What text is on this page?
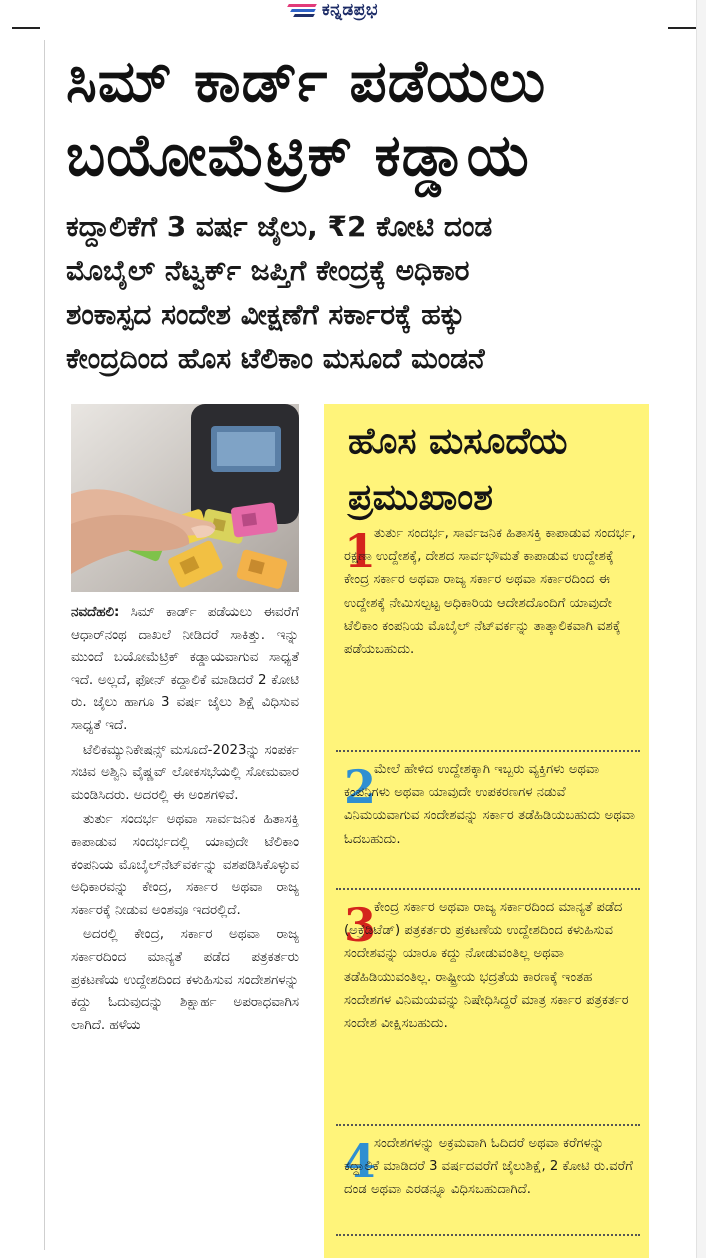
ಕನ್ನಡಪ್ರಭ
ಸಿಮ್ ಕಾರ್ಡ್ ಪಡೆಯಲು
ಬಯೋಮೆಟ್ರಿಕ್ ಕಡ್ಡಾಯ
ಕದ್ದಾಲಿಕೆಗೆ 3 ವರ್ಷ ಜೈಲು, ₹2 ಕೋಟಿ ದಂಡ
ಮೊಬೈಲ್ ನೆಟ್ವರ್ಕ್ ಜಪ್ತಿಗೆ ಕೇಂದ್ರಕ್ಕೆ ಅಧಿಕಾರ
ಶಂಕಾಸ್ಪದ ಸಂದೇಶ ವೀಕ್ಷಣೆಗೆ ಸರ್ಕಾರಕ್ಕೆ ಹಕ್ಕು
ಕೇಂದ್ರದಿಂದ ಹೊಸ ಟೆಲಿಕಾಂ ಮಸೂದೆ ಮಂಡನೆ

ನವದೆಹಲಿ: ಸಿಮ್ ಕಾರ್ಡ್ ಪಡೆಯಲು ಈವರೆಗೆ ಆಧಾರ್‌ನಂಥ ದಾಖಲೆ ನೀಡಿದರೆ ಸಾಕಿತ್ತು. ಇನ್ನು ಮುಂದೆ ಬಯೋಮೆಟ್ರಿಕ್ ಕಡ್ಡಾಯವಾಗುವ ಸಾಧ್ಯತೆ ಇದೆ. ಅಲ್ಲದೆ, ಫೋನ್ ಕದ್ದಾಲಿಕೆ ಮಾಡಿದರೆ 2 ಕೋಟಿ ರು. ಜೈಲು ಹಾಗೂ 3 ವರ್ಷ ಜೈಲು ಶಿಕ್ಷೆ ವಿಧಿಸುವ ಸಾಧ್ಯತೆ ಇದೆ.

ಟೆಲಿಕಮ್ಯುನಿಕೇಷನ್ಸ್ ಮಸೂದೆ-2023ನ್ನು ಸಂಪರ್ಕ ಸಚಿವ ಅಶ್ವಿನಿ ವೈಷ್ಣವ್ ಲೋಕಸಭೆಯಲ್ಲಿ ಸೋಮವಾರ ಮಂಡಿಸಿದರು. ಅದರಲ್ಲಿ ಈ ಅಂಶಗಳಿವೆ.

ತುರ್ತು ಸಂದರ್ಭ ಅಥವಾ ಸಾರ್ವಜನಿಕ ಹಿತಾಸಕ್ತಿ ಕಾಪಾಡುವ ಸಂದರ್ಭದಲ್ಲಿ ಯಾವುದೇ ಟೆಲಿಕಾಂ ಕಂಪನಿಯ ಮೊಬೈಲ್‌ನೆಟ್‌ವರ್ಕನ್ನು ವಶಪಡಿಸಿಕೊಳ್ಳುವ ಅಧಿಕಾರವನ್ನು ಕೇಂದ್ರ, ಸರ್ಕಾರ ಅಥವಾ ರಾಜ್ಯ ಸರ್ಕಾರಕ್ಕೆ ನೀಡುವ ಅಂಶವೂ ಇದರಲ್ಲಿದೆ.

ಅದರಲ್ಲಿ ಕೇಂದ್ರ, ಸರ್ಕಾರ ಅಥವಾ ರಾಜ್ಯ ಸರ್ಕಾರದಿಂದ ಮಾನ್ಯತೆ ಪಡೆದ ಪತ್ರಕರ್ತರು ಪ್ರಕಟಣೆಯ ಉದ್ದೇಶದಿಂದ ಕಳುಹಿಸುವ ಸಂದೇಶಗಳನ್ನು ಕದ್ದು ಓದುವುದನ್ನು ಶಿಕ್ಷಾರ್ಹ ಅಪರಾಧವಾಗಿಸ ಲಾಗಿದೆ. ಹಳೆಯ

ಹೊಸ ಮಸೂದೆಯ
ಪ್ರಮುಖಾಂಶ
1
ತುರ್ತು ಸಂದರ್ಭ, ಸಾರ್ವಜನಿಕ ಹಿತಾಸಕ್ತಿ ಕಾಪಾಡುವ ಸಂದರ್ಭ, ರಕ್ಷಣಾ ಉದ್ದೇಶಕ್ಕೆ, ದೇಶದ ಸಾರ್ವಭೌಮತೆ ಕಾಪಾಡುವ ಉದ್ದೇಶಕ್ಕೆ ಕೇಂದ್ರ ಸರ್ಕಾರ ಅಥವಾ ರಾಜ್ಯ ಸರ್ಕಾರ ಅಥವಾ ಸರ್ಕಾರದಿಂದ ಈ ಉದ್ದೇಶಕ್ಕೆ ನೇಮಿಸಲ್ಪಟ್ಟ ಅಧಿಕಾರಿಯ ಆದೇಶದೊಂದಿಗೆ ಯಾವುದೇ ಟೆಲಿಕಾಂ ಕಂಪನಿಯ ಮೊಬೈಲ್ ನೆಟ್‌ವರ್ಕನ್ನು ತಾತ್ಕಾಲಿಕವಾಗಿ ವಶಕ್ಕೆ ಪಡೆಯಬಹುದು.
2
ಮೇಲೆ ಹೇಳಿದ ಉದ್ದೇಶಕ್ಕಾಗಿ ಇಬ್ಬರು ವ್ಯಕ್ತಿಗಳು ಅಥವಾ ಕಂಪನಿಗಳು ಅಥವಾ ಯಾವುದೇ ಉಪಕರಣಗಳ ನಡುವೆ ವಿನಿಮಯವಾಗುವ ಸಂದೇಶವನ್ನು ಸರ್ಕಾರ ತಡೆಹಿಡಿಯಬಹುದು ಅಥವಾ ಓದಬಹುದು.
3
ಕೇಂದ್ರ ಸರ್ಕಾರ ಅಥವಾ ರಾಜ್ಯ ಸರ್ಕಾರದಿಂದ ಮಾನ್ಯತೆ ಪಡೆದ (ಅಕ್ರೆಡಿಟೆಡ್) ಪತ್ರಕರ್ತರು ಪ್ರಕಟಣೆಯ ಉದ್ದೇಶದಿಂದ ಕಳುಹಿಸುವ ಸಂದೇಶವನ್ನು ಯಾರೂ ಕದ್ದು ನೋಡುವಂತಿಲ್ಲ ಅಥವಾ ತಡೆಹಿಡಿಯುವಂತಿಲ್ಲ. ರಾಷ್ಟ್ರೀಯ ಭದ್ರತೆಯ ಕಾರಣಕ್ಕೆ ಇಂತಹ ಸಂದೇಶಗಳ ವಿನಿಮಯವನ್ನು ನಿಷೇಧಿಸಿದ್ದರೆ ಮಾತ್ರ ಸರ್ಕಾರ ಪತ್ರಕರ್ತರ ಸಂದೇಶ ವೀಕ್ಷಿಸಬಹುದು.
4
ಸಂದೇಶಗಳನ್ನು ಅಕ್ರಮವಾಗಿ ಓದಿದರೆ ಅಥವಾ ಕರೆಗಳನ್ನು ಕದ್ದಾಲಿಕೆ ಮಾಡಿದರೆ 3 ವರ್ಷದವರೆಗೆ ಜೈಲುಶಿಕ್ಷೆ, 2 ಕೋಟಿ ರು.ವರೆಗೆ ದಂಡ ಅಥವಾ ಎರಡನ್ನೂ ವಿಧಿಸಬಹುದಾಗಿದೆ.
